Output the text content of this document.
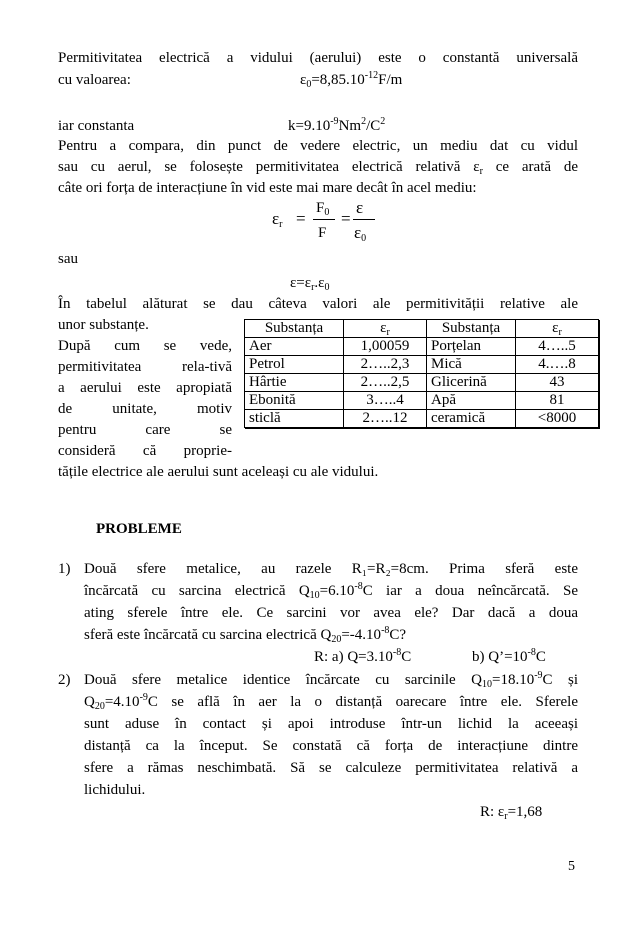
Permitivitatea electrică a vidului (aerului) este o constantă universală
cu valoarea:	$\varepsilon_0=8,85.10^{-12}F/m$
iar constanta	$k=9.10^{-9}Nm^2/C^2$
Pentru a compara, din punct de vedere electric, un mediu dat cu vidul
sau cu aerul, se folosește permitivitatea electrică relativă $\varepsilon_r$ ce arată de
câte ori forța de interacțiune în vid este mai mare decât în acel mediu:
$\varepsilon_r$ =
$F_0$
F
=
ε
$\varepsilon_0$
sau
$\varepsilon=\varepsilon_r.\varepsilon_0$
În tabelul alăturat se dau câteva valori ale permitivității relative ale
unor substanțe.
După cum se vede,
permitivitatea rela-tivă
a aerului este apropiată
de unitate, motiv
pentru care se
consideră că proprie-
tățile electrice ale aerului sunt aceleași cu ale vidului.
Substanța	$\varepsilon_r$	Substanța	$\varepsilon_r$
Aer	1,00059	Porțelan	4…..5
Petrol	2…..2,3	Mică	4.….8
Hârtie	2…..2,5	Glicerină	43
Ebonită	3…..4	Apă	81
sticlă	2…..12	ceramică	<8000
PROBLEME
1) Două sfere metalice, au razele R₁=R₂=8cm. Prima sferă este
încărcată cu sarcina electrică $Q_{10}=6.10^{-8}C$ iar a doua neîncărcată. Se
ating sferele între ele. Ce sarcini vor avea ele? Dar dacă a doua
sferă este încărcată cu sarcina electrică $Q_{20}=-4.10^{-8}C$?
R: a) $Q=3.10^{-8}C$	b) $Q’=10^{-8}C$
2) Două sfere metalice identice încărcate cu sarcinile $Q_{10}=18.10^{-9}C$ și
$Q_{20}=4.10^{-9}C$ se află în aer la o distanță oarecare între ele. Sferele
sunt aduse în contact și apoi introduse într-un lichid la aceeași
distanță ca la început. Se constată că forța de interacțiune dintre
sfere a rămas neschimbată. Să se calculeze permitivitatea relativă a
lichidului.
R: $\varepsilon_r=1,68$
5
